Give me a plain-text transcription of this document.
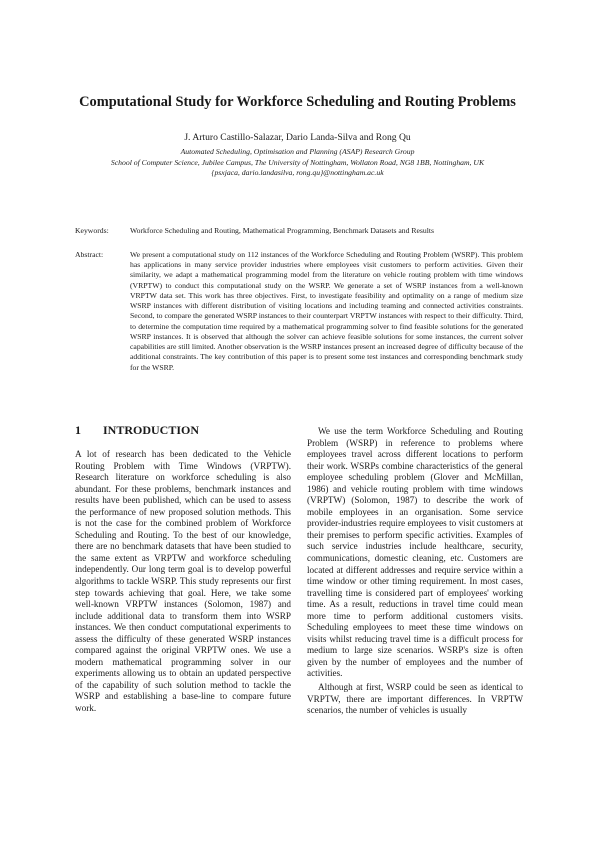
Computational Study for Workforce Scheduling and Routing Problems

J. Arturo Castillo-Salazar, Dario Landa-Silva and Rong Qu

Automated Scheduling, Optimisation and Planning (ASAP) Research Group
School of Computer Science, Jubilee Campus, The University of Nottingham, Wollaton Road, NG8 1BB, Nottingham, UK
{psxjaca, dario.landasilva, rong.qu}@nottingham.ac.uk
Keywords:	Workforce Scheduling and Routing, Mathematical Programming, Benchmark Datasets and Results
Abstract:	We present a computational study on 112 instances of the Workforce Scheduling and Routing Problem (WSRP). This problem has applications in many service provider industries where employees visit customers to perform activities. Given their similarity, we adapt a mathematical programming model from the literature on vehicle routing problem with time windows (VRPTW) to conduct this computational study on the WSRP. We generate a set of WSRP instances from a well-known VRPTW data set. This work has three objectives. First, to investigate feasibility and optimality on a range of medium size WSRP instances with different distribution of visiting locations and including teaming and connected activities constraints. Second, to compare the generated WSRP instances to their counterpart VRPTW instances with respect to their difficulty. Third, to determine the computation time required by a mathematical programming solver to find feasible solutions for the generated WSRP instances. It is observed that although the solver can achieve feasible solutions for some instances, the current solver capabilities are still limited. Another observation is the WSRP instances present an increased degree of difficulty because of the additional constraints. The key contribution of this paper is to present some test instances and corresponding benchmark study for the WSRP.

1 INTRODUCTION

A lot of research has been dedicated to the Vehicle Routing Problem with Time Windows (VRPTW). Research literature on workforce scheduling is also abundant. For these problems, benchmark instances and results have been published, which can be used to assess the performance of new proposed solution methods. This is not the case for the combined problem of Workforce Scheduling and Routing. To the best of our knowledge, there are no benchmark datasets that have been studied to the same extent as VRPTW and workforce scheduling independently. Our long term goal is to develop powerful algorithms to tackle WSRP. This study represents our first step towards achieving that goal. Here, we take some well-known VRPTW instances (Solomon, 1987) and include additional data to transform them into WSRP instances. We then conduct computational experiments to assess the difficulty of these generated WSRP instances compared against the original VRPTW ones. We use a modern mathematical programming solver in our experiments allowing us to obtain an updated perspective of the capability of such solution method to tackle the WSRP and establishing a base-line to compare future work.

We use the term Workforce Scheduling and Routing Problem (WSRP) in reference to problems where employees travel across different locations to perform their work. WSRPs combine characteristics of the general employee scheduling problem (Glover and McMillan, 1986) and vehicle routing problem with time windows (VRPTW) (Solomon, 1987) to describe the work of mobile employees in an organisation. Some service provider-industries require employees to visit customers at their premises to perform specific activities. Examples of such service industries include healthcare, security, communications, domestic cleaning, etc. Customers are located at different addresses and require service within a time window or other timing requirement. In most cases, travelling time is considered part of employees' working time. As a result, reductions in travel time could mean more time to perform additional customers visits. Scheduling employees to meet these time windows on visits whilst reducing travel time is a difficult process for medium to large size scenarios. WSRP's size is often given by the number of employees and the number of activities.

Although at first, WSRP could be seen as identical to VRPTW, there are important differences. In VRPTW scenarios, the number of vehicles is usually
